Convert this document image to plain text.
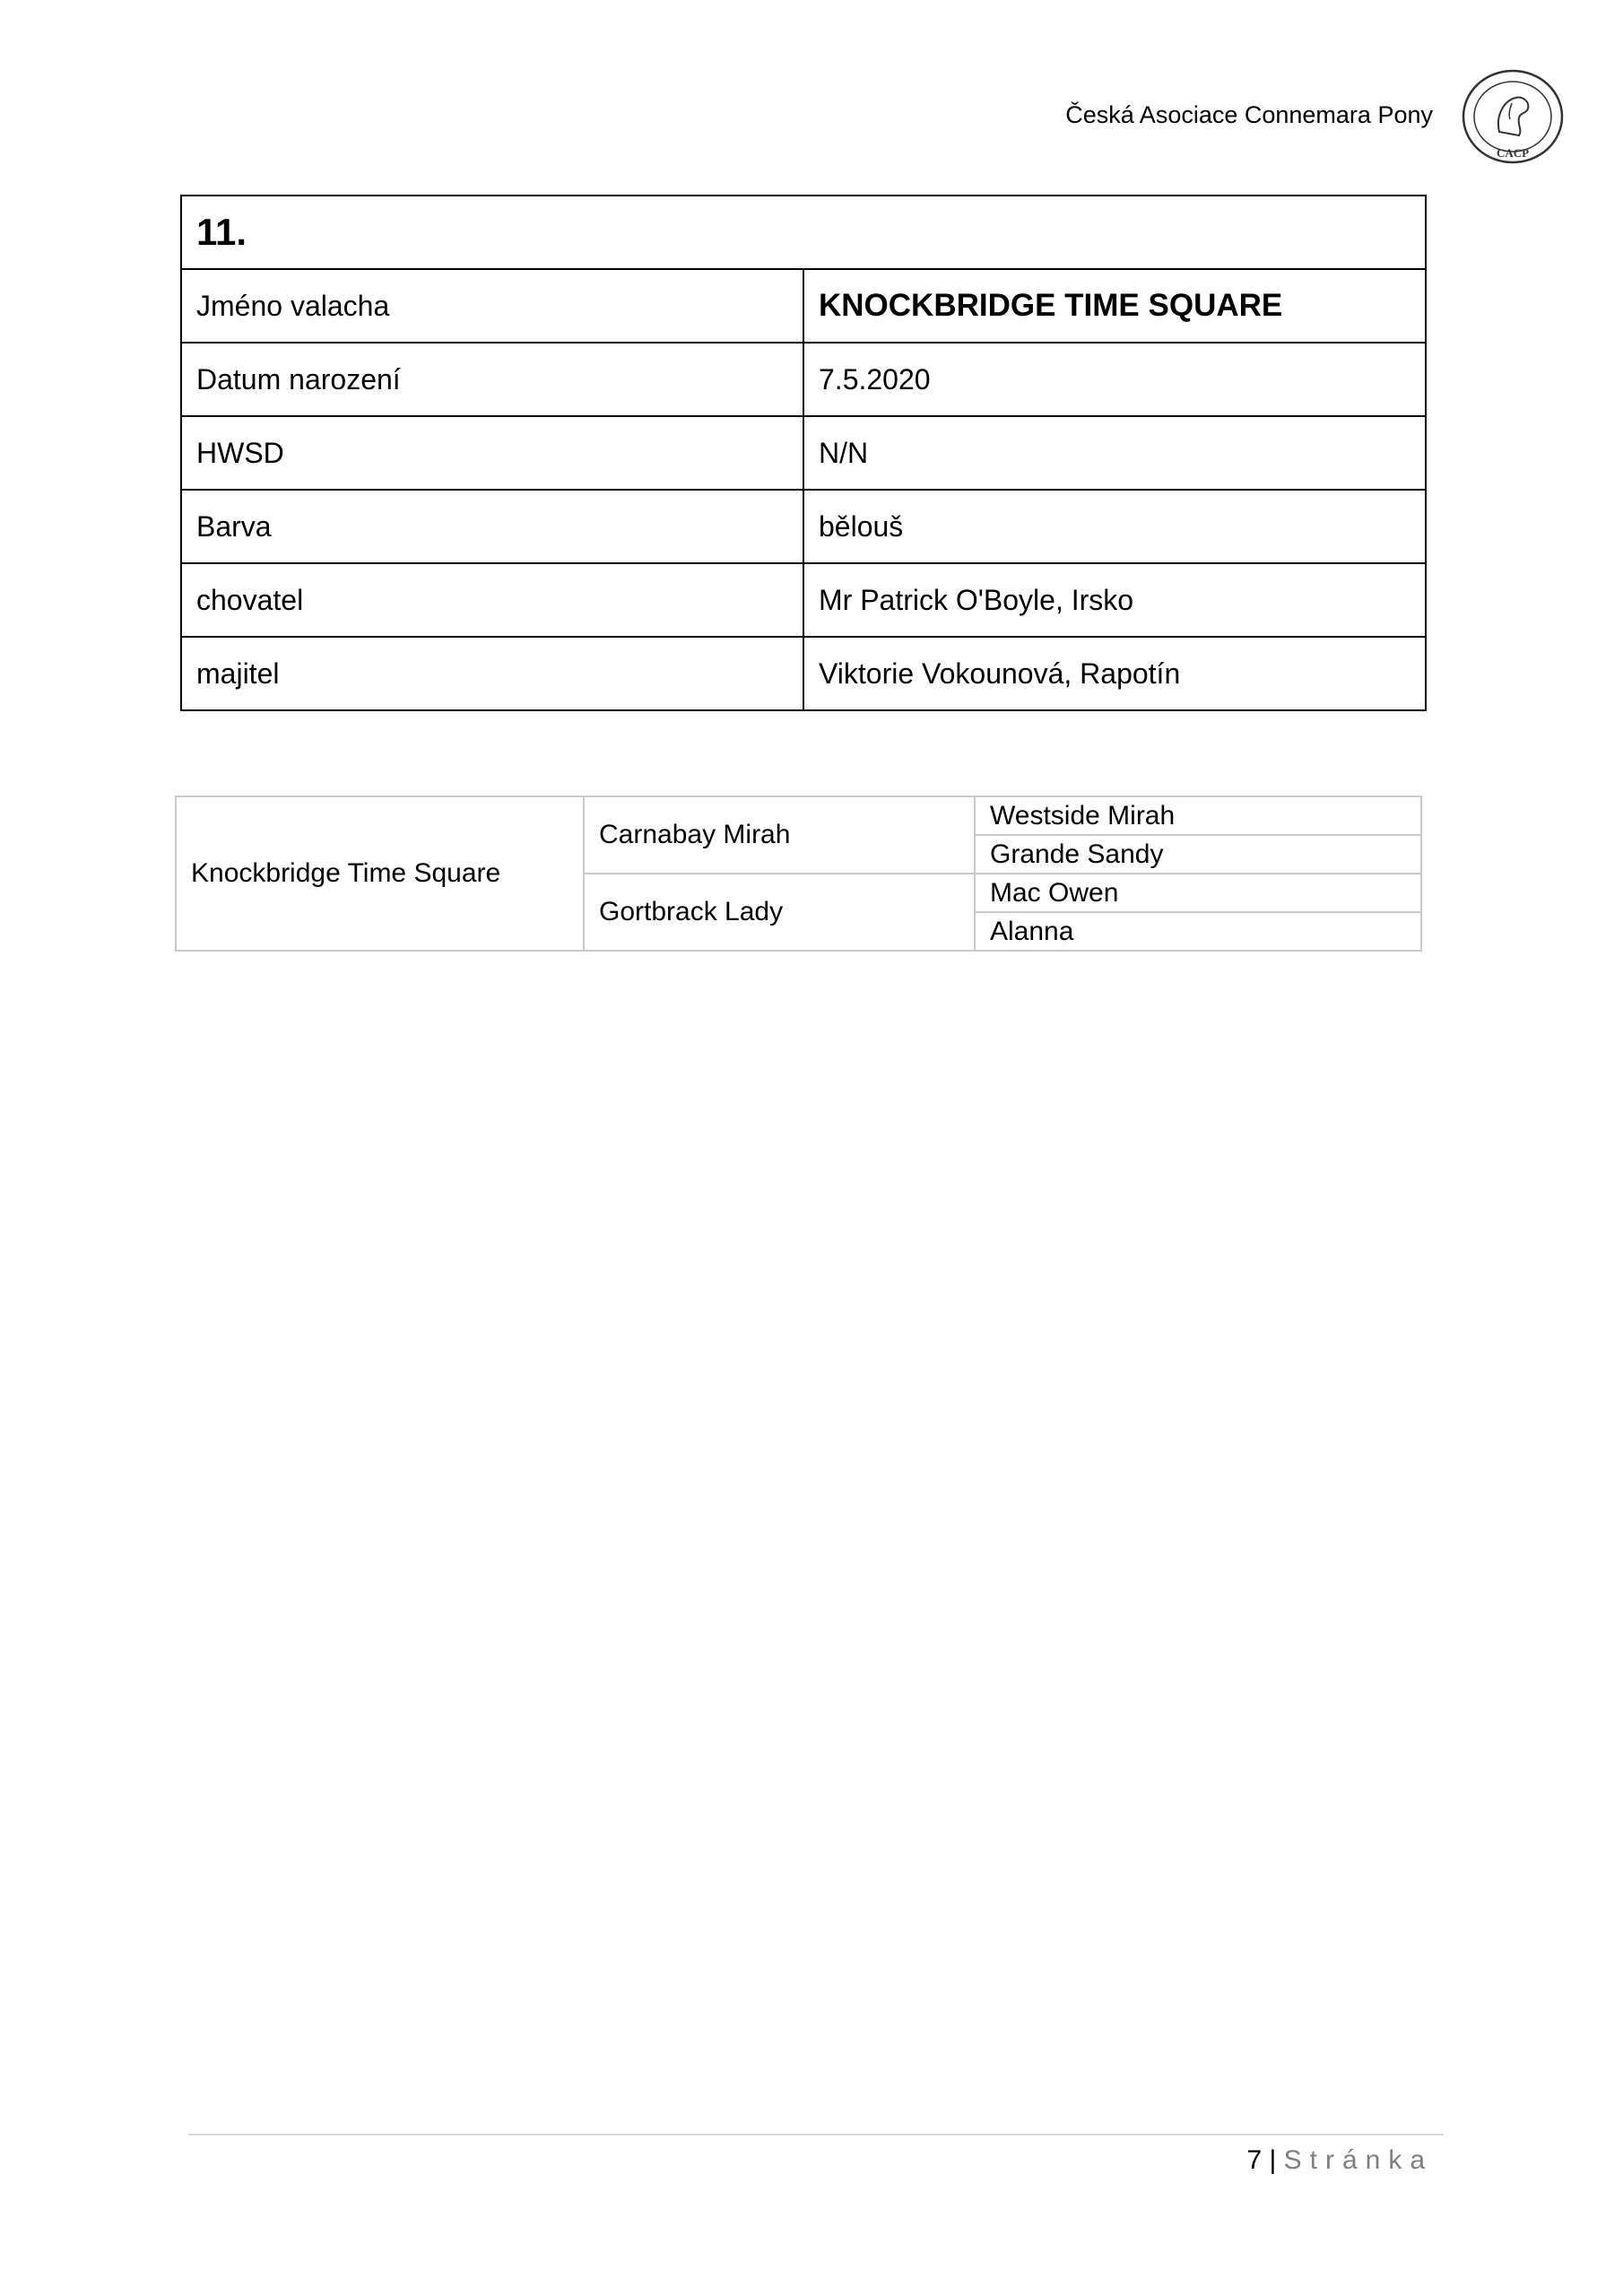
Česká Asociace Connemara Pony
CACP
11.	
Jméno valacha	KNOCKBRIDGE TIME SQUARE
Datum narození	7.5.2020
HWSD	N/N
Barva	bělouš
chovatel	Mr Patrick O'Boyle, Irsko
majitel	Viktorie Vokounová, Rapotín
Knockbridge Time Square	Carnabay Mirah	Westside Mirah
		Grande Sandy
	Gortbrack Lady	Mac Owen
		Alanna
7 | Stránka
